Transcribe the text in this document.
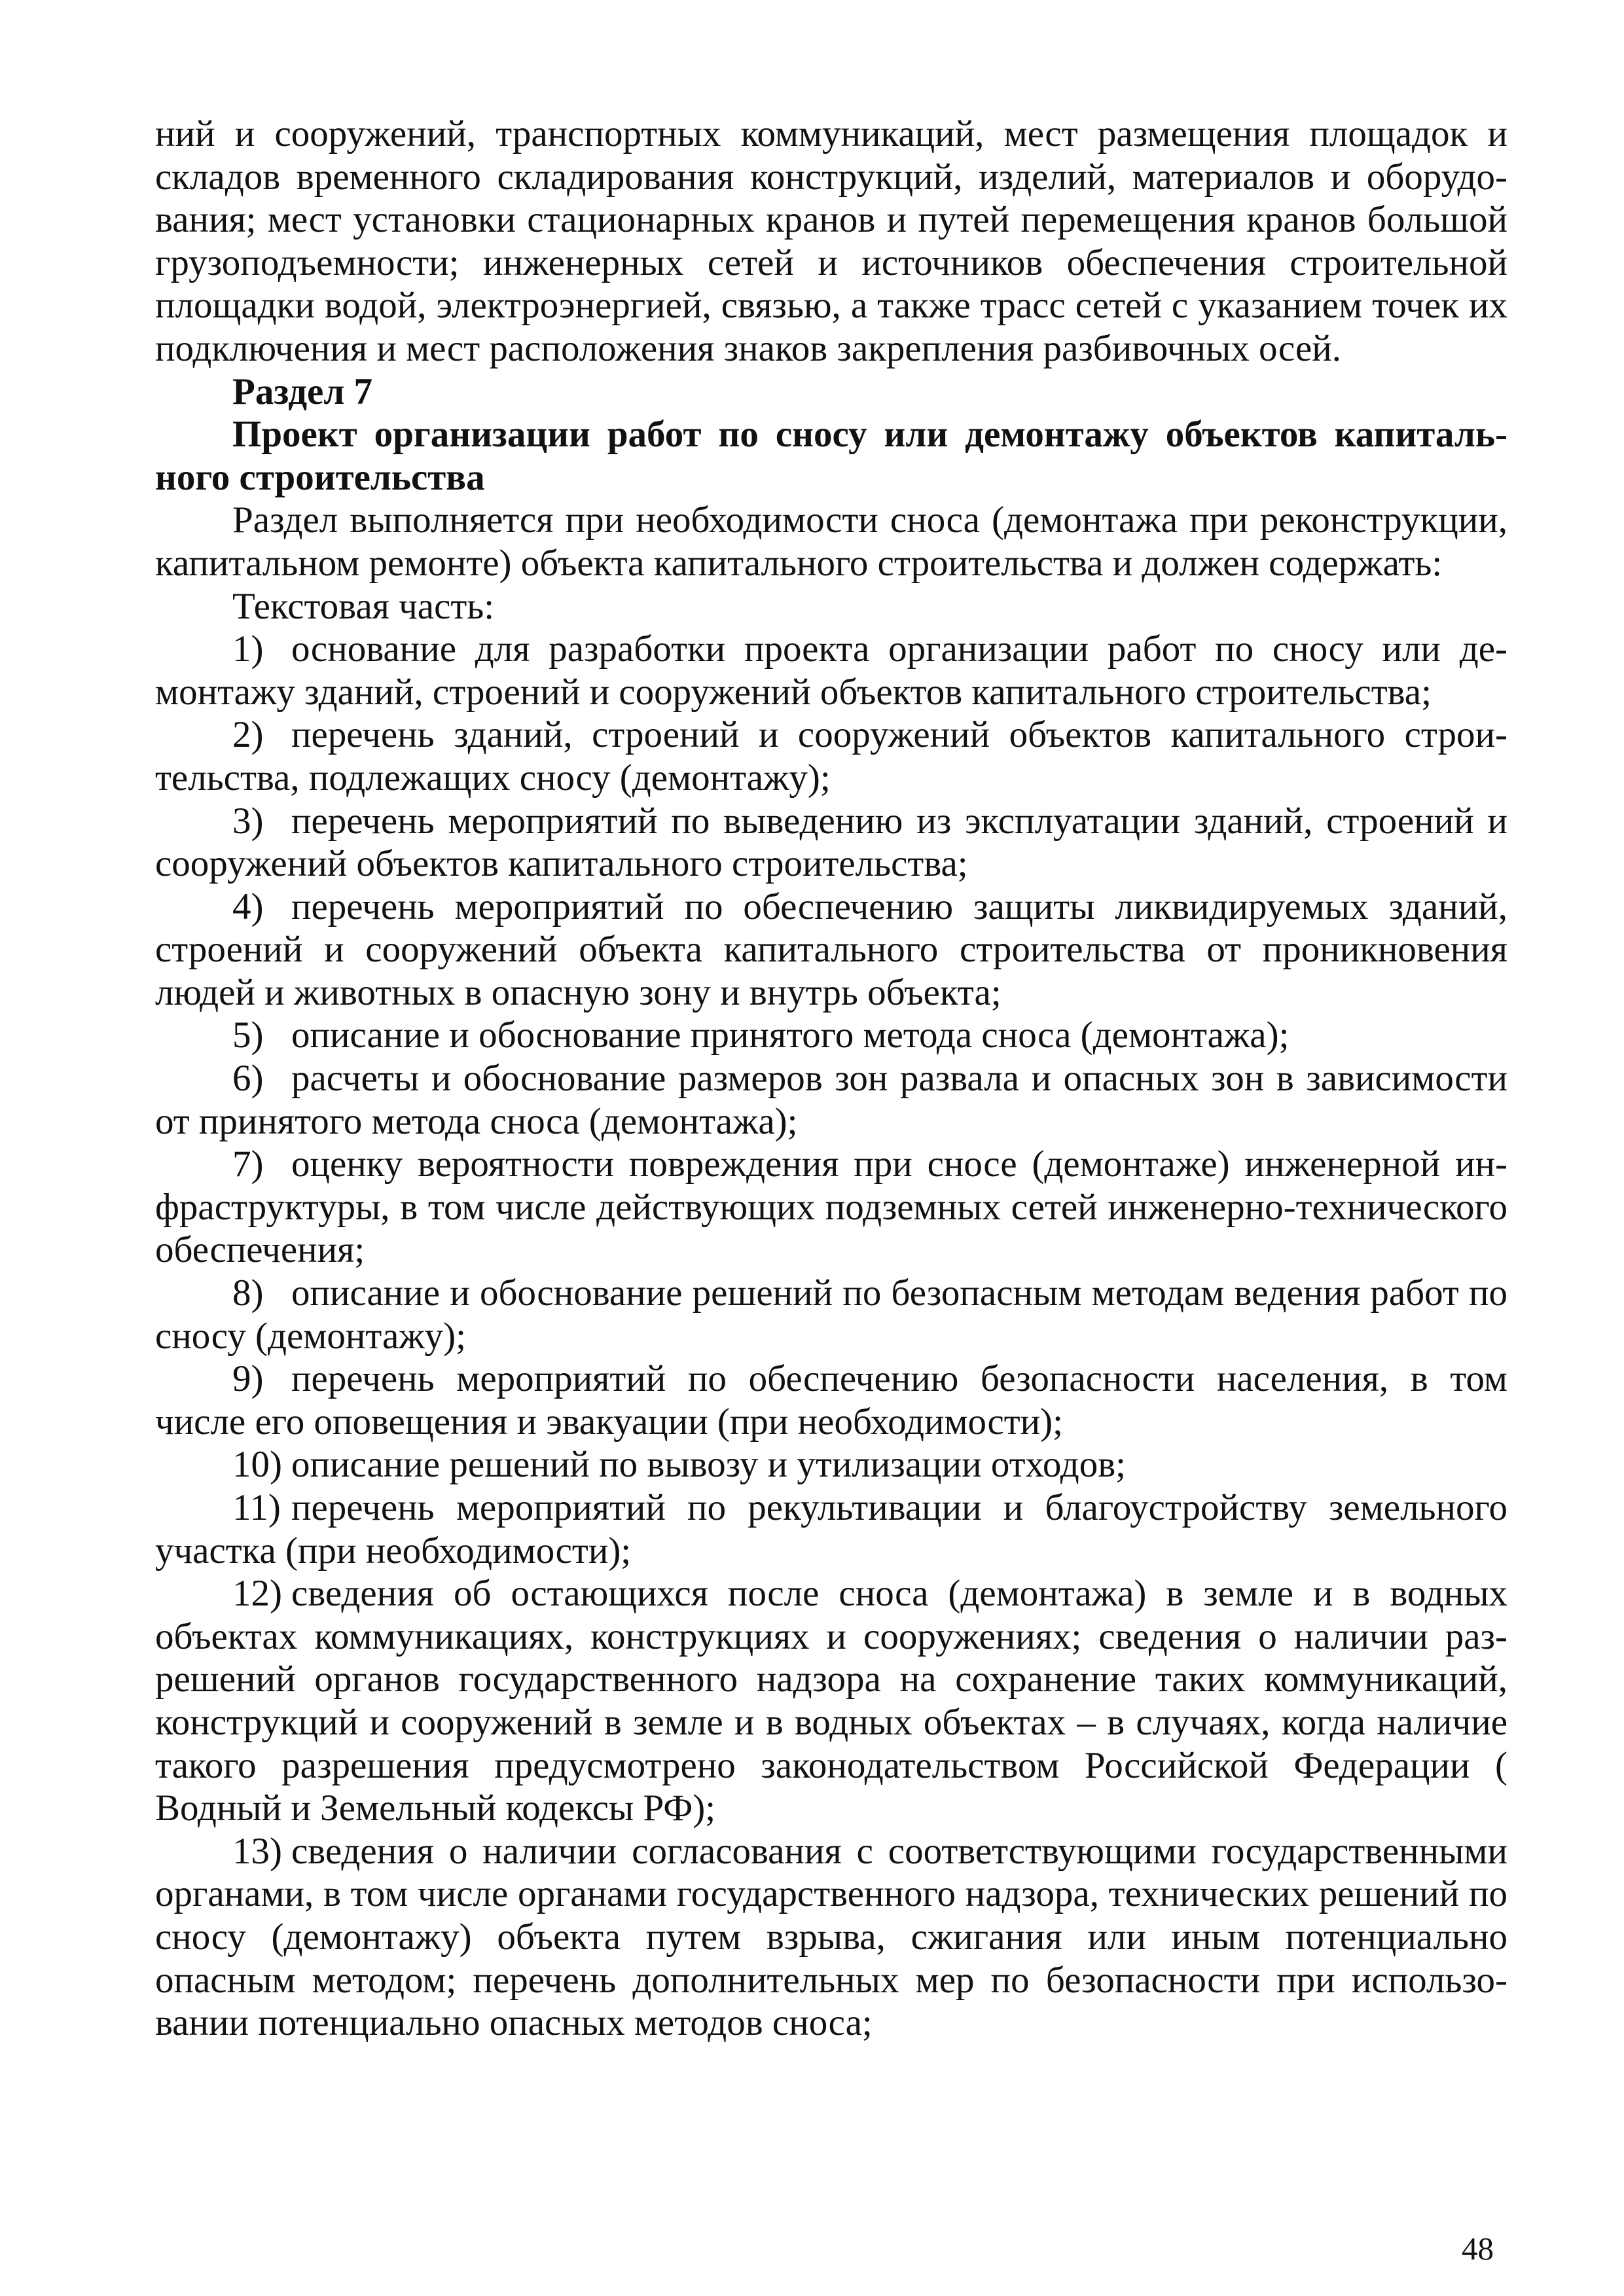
ний и сооружений, транспортных коммуникаций, мест размещения площадок и складов временного складирования конструкций, изделий, материалов и оборудования; мест установки стационарных кранов и путей перемещения кранов большой грузоподъемности; инженерных сетей и источников обеспечения строительной площадки водой, электроэнергией, связью, а также трасс сетей с указанием точек их подключения и мест расположения знаков закрепления разбивочных осей.

Раздел 7

Проект организации работ по сносу или демонтажу объектов капитального строительства

Раздел выполняется при необходимости сноса (демонтажа при реконструкции, капитальном ремонте) объекта капитального строительства и должен содержать:

Текстовая часть:

1) основание для разработки проекта организации работ по сносу или демонтажу зданий, строений и сооружений объектов капитального строительства;

2) перечень зданий, строений и сооружений объектов капитального строительства, подлежащих сносу (демонтажу);

3) перечень мероприятий по выведению из эксплуатации зданий, строений и сооружений объектов капитального строительства;

4) перечень мероприятий по обеспечению защиты ликвидируемых зданий, строений и сооружений объекта капитального строительства от проникновения людей и животных в опасную зону и внутрь объекта;

5) описание и обоснование принятого метода сноса (демонтажа);

6) расчеты и обоснование размеров зон развала и опасных зон в зависимости от принятого метода сноса (демонтажа);

7) оценку вероятности повреждения при сносе (демонтаже) инженерной инфраструктуры, в том числе действующих подземных сетей инженерно-технического обеспечения;

8) описание и обоснование решений по безопасным методам ведения работ по сносу (демонтажу);

9) перечень мероприятий по обеспечению безопасности населения, в том числе его оповещения и эвакуации (при необходимости);

10) описание решений по вывозу и утилизации отходов;

11) перечень мероприятий по рекультивации и благоустройству земельного участка (при необходимости);

12) сведения об остающихся после сноса (демонтажа) в земле и в водных объектах коммуникациях, конструкциях и сооружениях; сведения о наличии разрешений органов государственного надзора на сохранение таких коммуникаций, конструкций и сооружений в земле и в водных объектах – в случаях, когда наличие такого разрешения предусмотрено законодательством Российской Федерации ( Водный и Земельный кодексы РФ);

13) сведения о наличии согласования с соответствующими государственными органами, в том числе органами государственного надзора, технических решений по сносу (демонтажу) объекта путем взрыва, сжигания или иным потенциально опасным методом; перечень дополнительных мер по безопасности при использовании потенциально опасных методов сноса;

48
